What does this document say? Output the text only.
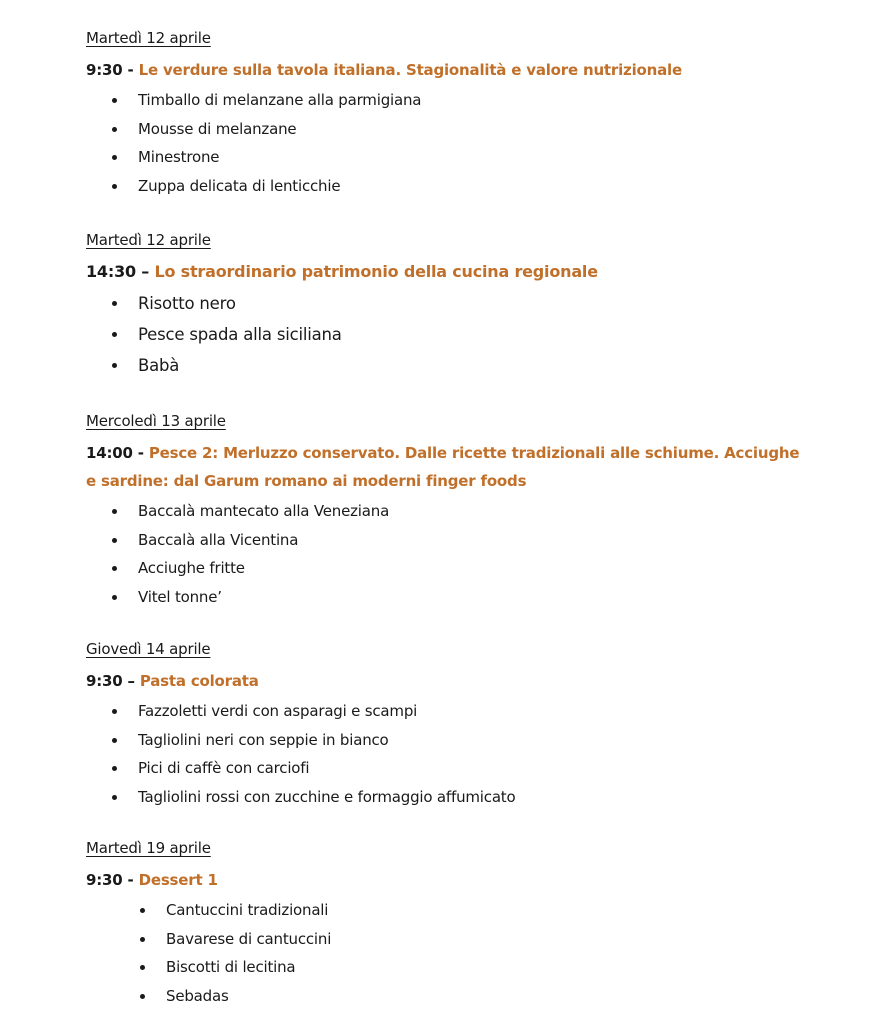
Martedì 12 aprile
9:30 - Le verdure sulla tavola italiana. Stagionalità e valore nutrizionale
Timballo di melanzane alla parmigiana
Mousse di melanzane
Minestrone
Zuppa delicata di lenticchie
Martedì 12 aprile
14:30 – Lo straordinario patrimonio della cucina regionale
Risotto nero
Pesce spada alla siciliana
Babà
Mercoledì 13 aprile
14:00 - Pesce 2: Merluzzo conservato. Dalle ricette tradizionali alle schiume. Acciughe e sardine: dal Garum romano ai moderni finger foods
Baccalà mantecato alla Veneziana
Baccalà alla Vicentina
Acciughe fritte
Vitel tonne’
Giovedì 14 aprile
9:30 – Pasta colorata
Fazzoletti verdi con asparagi e scampi
Tagliolini neri con seppie in bianco
Pici di caffè con carciofi
Tagliolini rossi con zucchine e formaggio affumicato
Martedì 19 aprile
9:30 - Dessert 1
Cantuccini tradizionali
Bavarese di cantuccini
Biscotti di lecitina
Sebadas
